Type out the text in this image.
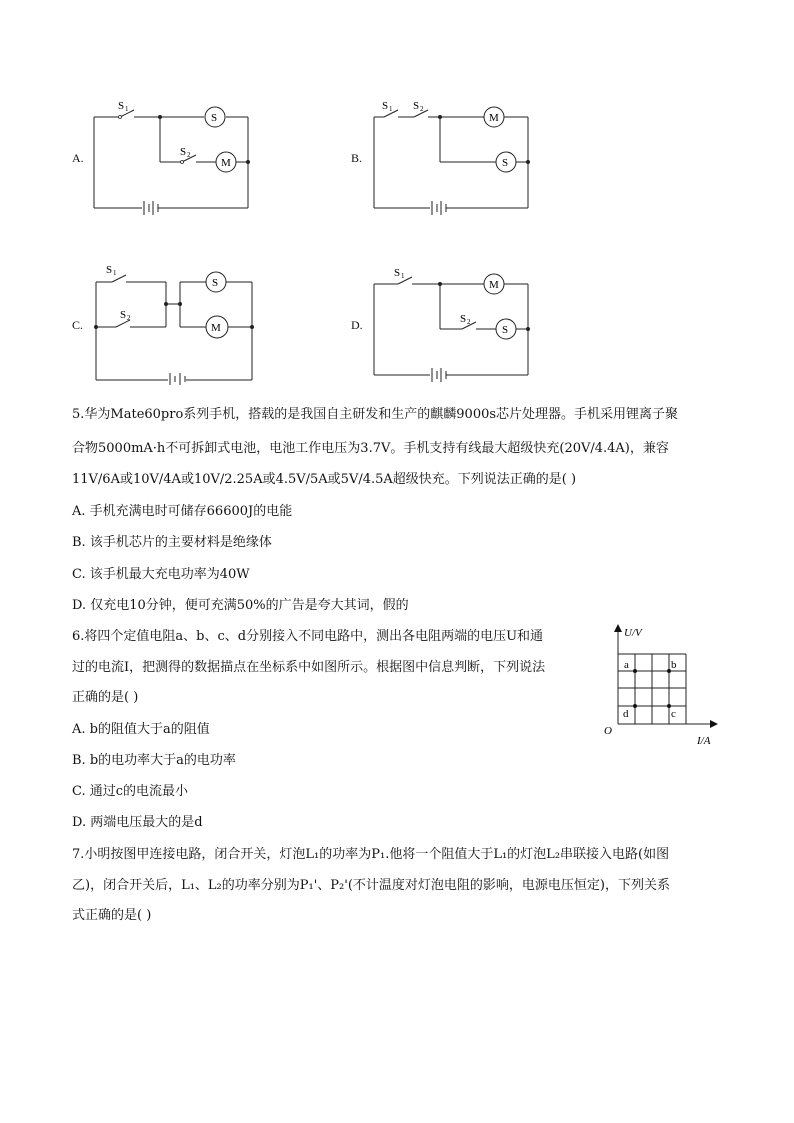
A.
S 1
S 2
S
M	B.
S 1 S 2
M
S
C.
S 1
S 2
S
M	D.
S 1
S 2
M
S
5.华为Mate60pro系列手机，搭载的是我国自主研发和生产的麒麟9000s芯片处理器。手机采用锂离子聚
合物5000mA·h不可拆卸式电池，电池工作电压为3.7V。手机支持有线最大超级快充(20V/4.4A)，兼容
11V/6A或10V/4A或10V/2.25A或4.5V/5A或5V/4.5A超级快充。下列说法正确的是( )
A. 手机充满电时可储存66600J的电能
B. 该手机芯片的主要材料是绝缘体
C. 该手机最大充电功率为40W
D. 仅充电10分钟，便可充满50%的广告是夸大其词，假的
6.将四个定值电阻a、b、c、d分别接入不同电路中，测出各电阻两端的电压U和通
过的电流I，把测得的数据描点在坐标系中如图所示。根据图中信息判断，下列说法
正确的是( )
A. b的阻值大于a的阻值
B. b的电功率大于a的电功率
C. 通过c的电流最小
D. 两端电压最大的是d
a	b
c
d
U/V
I/A
O
7.小明按图甲连接电路，闭合开关，灯泡L₁的功率为P₁.他将一个阻值大于L₁的灯泡L₂串联接入电路(如图
乙)，闭合开关后，L₁、L₂的功率分别为P₁'、P₂'(不计温度对灯泡电阻的影响，电源电压恒定)，下列关系
式正确的是( )
